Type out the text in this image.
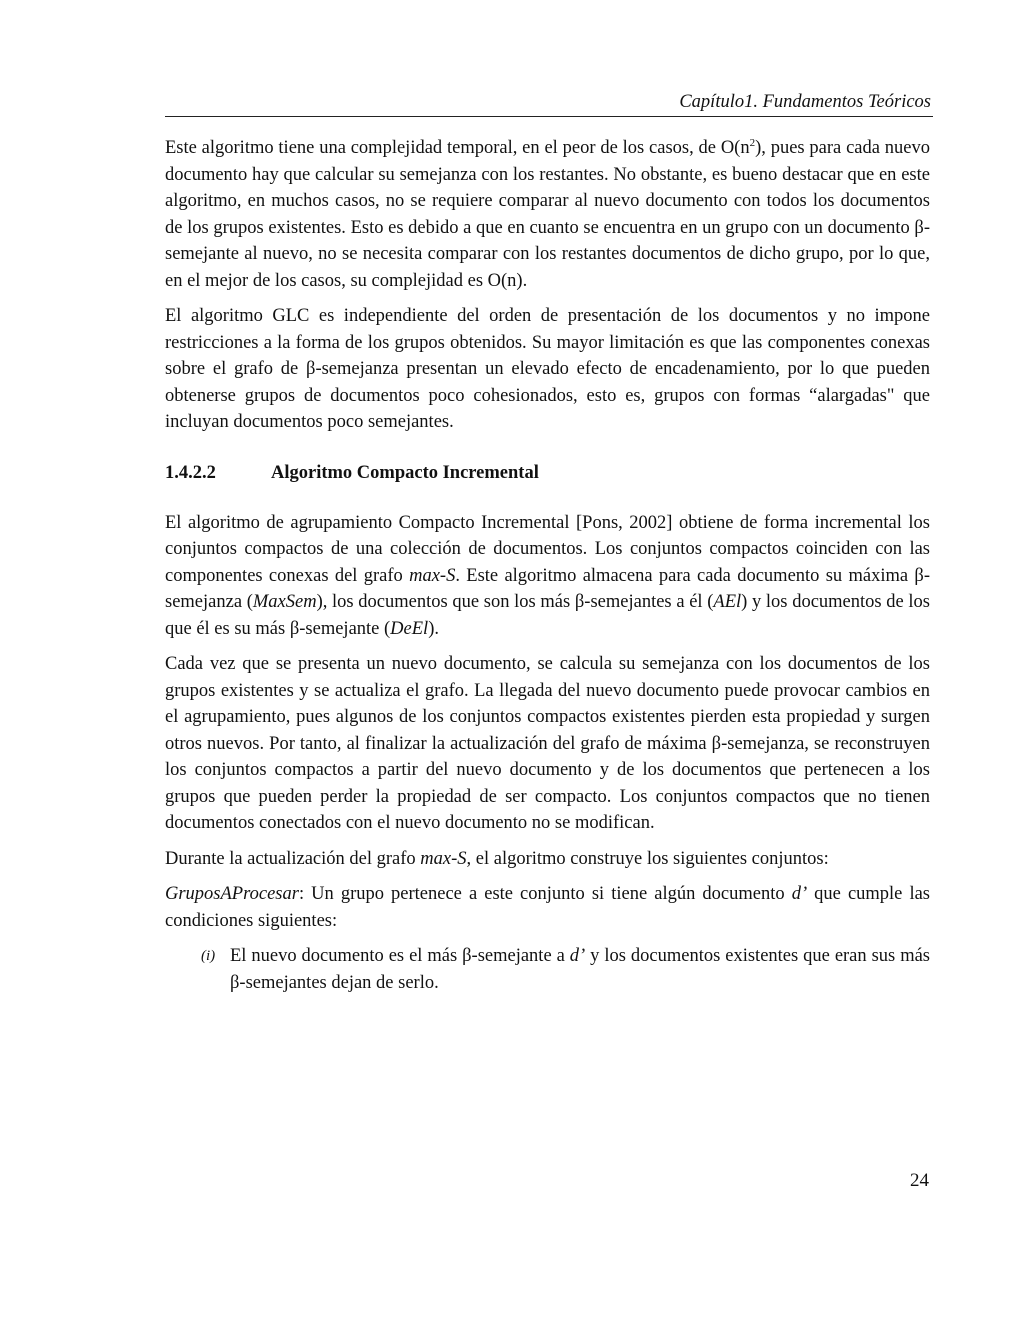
Capítulo1. Fundamentos Teóricos

Este algoritmo tiene una complejidad temporal, en el peor de los casos, de $O(n^2)$, pues para cada nuevo documento hay que calcular su semejanza con los restantes. No obstante, es bueno destacar que en este algoritmo, en muchos casos, no se requiere comparar al nuevo documento con todos los documentos de los grupos existentes. Esto es debido a que en cuanto se encuentra en un grupo con un documento β-semejante al nuevo, no se necesita comparar con los restantes documentos de dicho grupo, por lo que, en el mejor de los casos, su complejidad es O(n).

El algoritmo GLC es independiente del orden de presentación de los documentos y no impone restricciones a la forma de los grupos obtenidos. Su mayor limitación es que las componentes conexas sobre el grafo de β-semejanza presentan un elevado efecto de encadenamiento, por lo que pueden obtenerse grupos de documentos poco cohesionados, esto es, grupos con formas “alargadas" que incluyan documentos poco semejantes.

1.4.2.2	Algoritmo Compacto Incremental

El algoritmo de agrupamiento Compacto Incremental [Pons, 2002] obtiene de forma incremental los conjuntos compactos de una colección de documentos. Los conjuntos compactos coinciden con las componentes conexas del grafo max-S. Este algoritmo almacena para cada documento su máxima β-semejanza (MaxSem), los documentos que son los más β-semejantes a él (AEl) y los documentos de los que él es su más β-semejante (DeEl).

Cada vez que se presenta un nuevo documento, se calcula su semejanza con los documentos de los grupos existentes y se actualiza el grafo. La llegada del nuevo documento puede provocar cambios en el agrupamiento, pues algunos de los conjuntos compactos existentes pierden esta propiedad y surgen otros nuevos. Por tanto, al finalizar la actualización del grafo de máxima β-semejanza, se reconstruyen los conjuntos compactos a partir del nuevo documento y de los documentos que pertenecen a los grupos que pueden perder la propiedad de ser compacto. Los conjuntos compactos que no tienen documentos conectados con el nuevo documento no se modifican.

Durante la actualización del grafo max-S, el algoritmo construye los siguientes conjuntos:

GruposAProcesar: Un grupo pertenece a este conjunto si tiene algún documento d’ que cumple las condiciones siguientes:

(i) El nuevo documento es el más β-semejante a d’ y los documentos existentes que eran sus más β-semejantes dejan de serlo.
24
